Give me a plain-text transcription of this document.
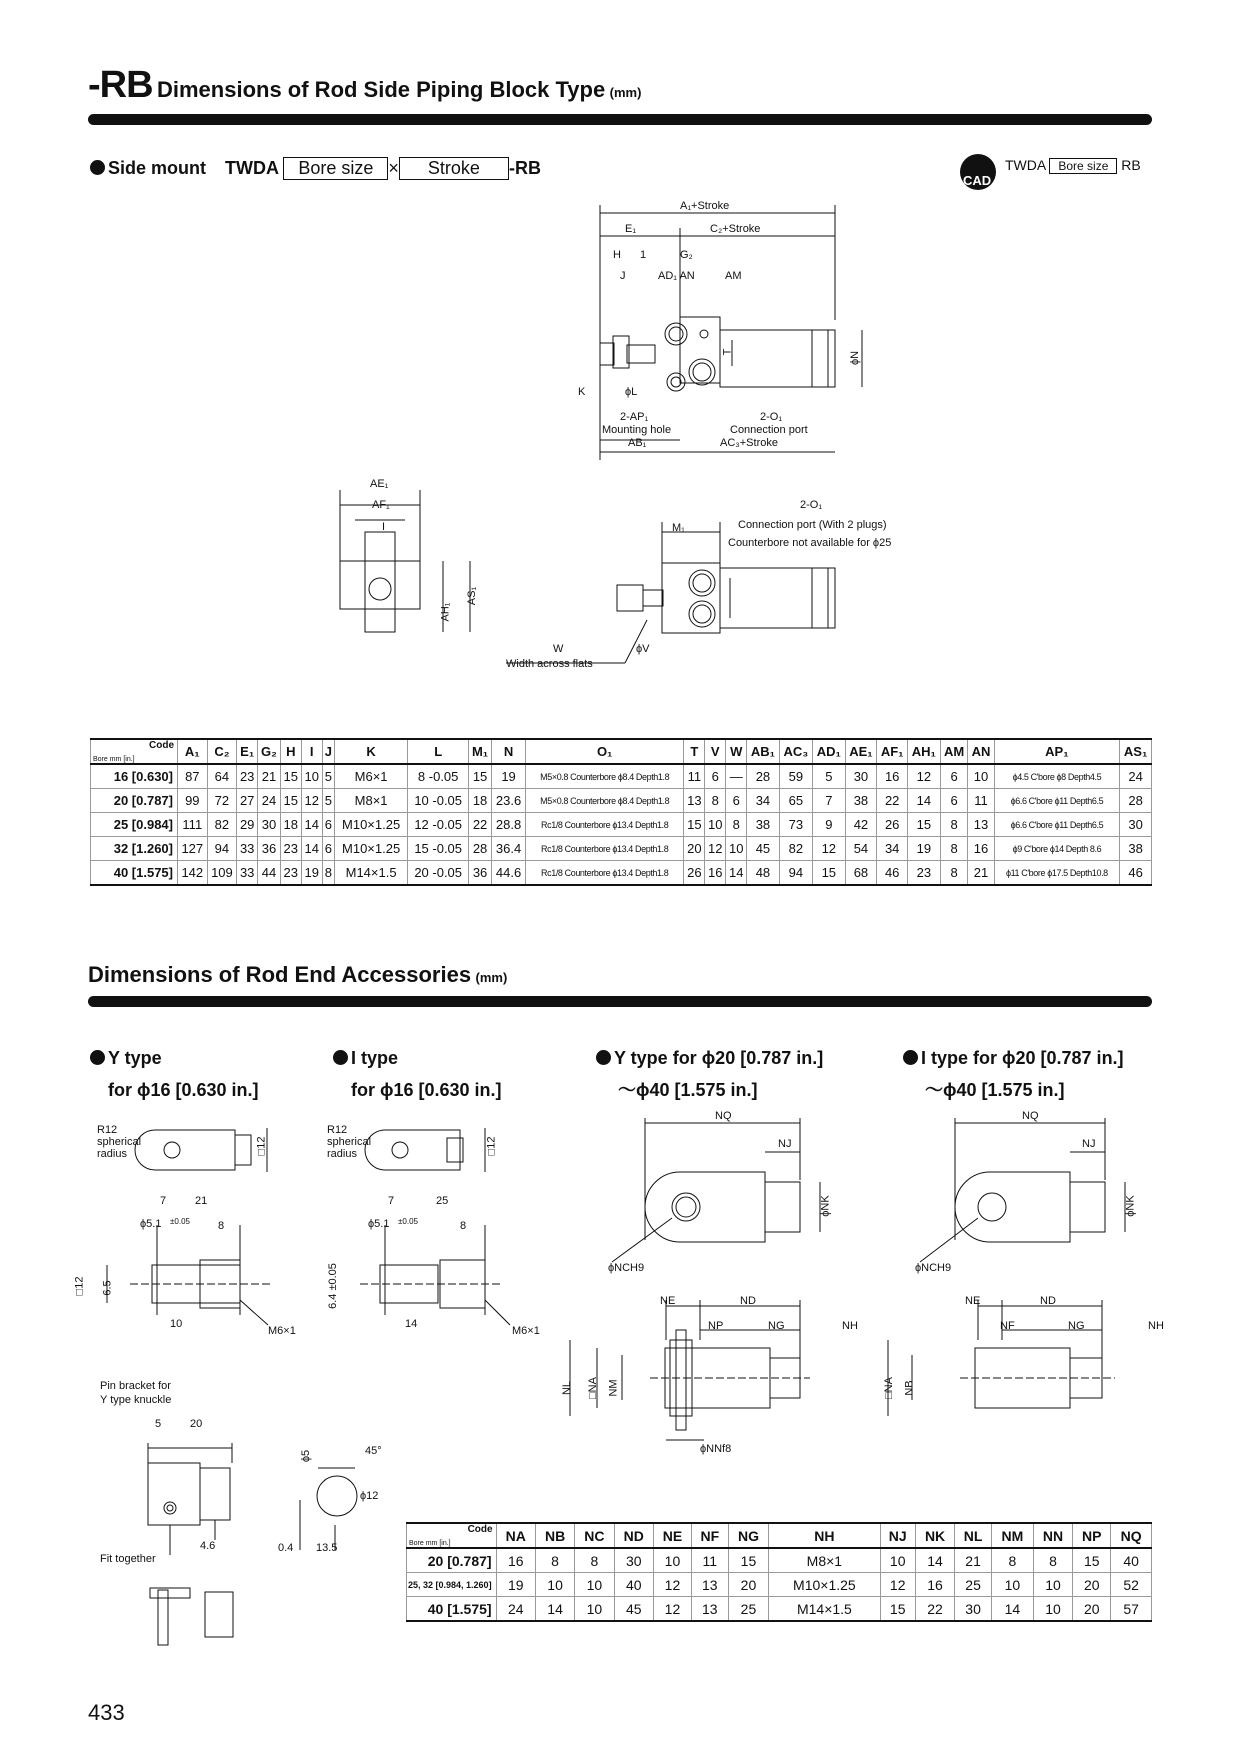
-RB Dimensions of Rod Side Piping Block Type (mm)
Side mount TWDA Bore size × Stroke -RB
CAD
TWDA Bore size RB
A₁+Stroke
E₁	C₂+Stroke
H 1	G₂
J	AD₁ AN	AM
K	ϕL
2-AP₁
Mounting hole
AB₁
2-O₁
Connection port
AC₃+Stroke
T	ϕN
AE₁
AF₁
I
AH₁
AS₁
2-O₁
M₁	Connection port (With 2 plugs)
Counterbore not available for ϕ25
W
Width across flats
ϕV
Code
Bore mm [in.]	A₁	C₂	E₁	G₂	H	I	J	K	L	M₁	N	O₁	T	V	W	AB₁	AC₃	AD₁	AE₁	AF₁	AH₁	AM	AN	AP₁	AS₁
16 [0.630]	87	64	23	21	15	10	5	M6×1	8 -0.05	15	19	M5×0.8 Counterbore ϕ8.4 Depth1.8	11	6	—	28	59	5	30	16	12	6	10	ϕ4.5 C'bore ϕ8 Depth4.5	24
20 [0.787]	99	72	27	24	15	12	5	M8×1	10 -0.05	18	23.6	M5×0.8 Counterbore ϕ8.4 Depth1.8	13	8	6	34	65	7	38	22	14	6	11	ϕ6.6 C'bore ϕ11 Depth6.5	28
25 [0.984]	111	82	29	30	18	14	6	M10×1.25	12 -0.05	22	28.8	Rc1/8 Counterbore ϕ13.4 Depth1.8	15	10	8	38	73	9	42	26	15	8	13	ϕ6.6 C'bore ϕ11 Depth6.5	30
32 [1.260]	127	94	33	36	23	14	6	M10×1.25	15 -0.05	28	36.4	Rc1/8 Counterbore ϕ13.4 Depth1.8	20	12	10	45	82	12	54	34	19	8	16	ϕ9 C'bore ϕ14 Depth 8.6	38
40 [1.575]	142	109	33	44	23	19	8	M14×1.5	20 -0.05	36	44.6	Rc1/8 Counterbore ϕ13.4 Depth1.8	26	16	14	48	94	15	68	46	23	8	21	ϕ11 C'bore ϕ17.5 Depth10.8	46
Dimensions of Rod End Accessories (mm)
Y type
for ϕ16 [0.630 in.]
I type
for ϕ16 [0.630 in.]
Y type for ϕ20 [0.787 in.]
～ϕ40 [1.575 in.]
I type for ϕ20 [0.787 in.]
～ϕ40 [1.575 in.]
R12
spherical
radius	□12
7	21
ϕ5.1 ±0.05	8
□12 6.5
10
M6×1
R12
spherical
radius	□12
7	25
ϕ5.1 ±0.05	8
6.4 ±0.05
14
M6×1
NQ
NJ
ϕNK
ϕNCH9
NE	ND
NP	NG	NH
NL □NA NM
ϕNNf8
NQ
NJ
ϕNK
ϕNCH9
NE	ND
NF	NG	NH
□NA NB
Pin bracket for
Y type knuckle
5	20
4.6
Fit together
ϕ5	45°
ϕ12
0.4 13.5
Code
Bore mm [in.]	NA	NB	NC	ND	NE	NF	NG	NH	NJ	NK	NL	NM	NN	NP	NQ
20 [0.787]	16	8	8	30	10	11	15	M8×1	10	14	21	8	8	15	40
25, 32 [0.984, 1.260]	19	10	10	40	12	13	20	M10×1.25	12	16	25	10	10	20	52
40 [1.575]	24	14	10	45	12	13	25	M14×1.5	15	22	30	14	10	20	57
433
